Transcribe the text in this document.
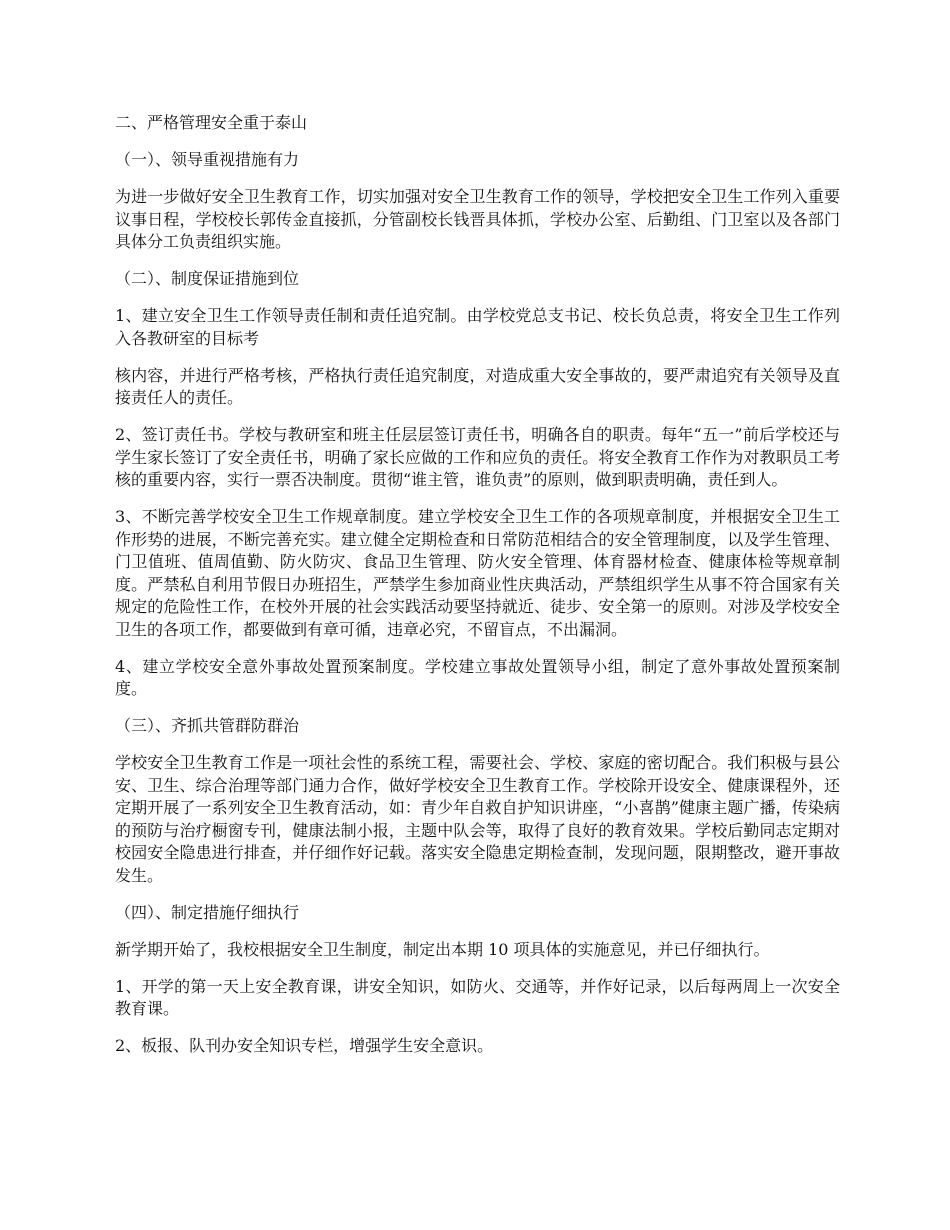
二、严格管理安全重于泰山

（一）、领导重视措施有力

为进一步做好安全卫生教育工作，切实加强对安全卫生教育工作的领导，学校把安全卫生工作列入重要议事日程，学校校长郭传金直接抓，分管副校长钱晋具体抓，学校办公室、后勤组、门卫室以及各部门具体分工负责组织实施。

（二）、制度保证措施到位

1、建立安全卫生工作领导责任制和责任追究制。由学校党总支书记、校长负总责，将安全卫生工作列入各教研室的目标考

核内容，并进行严格考核，严格执行责任追究制度，对造成重大安全事故的，要严肃追究有关领导及直接责任人的责任。

2、签订责任书。学校与教研室和班主任层层签订责任书，明确各自的职责。每年“五一”前后学校还与学生家长签订了安全责任书，明确了家长应做的工作和应负的责任。将安全教育工作作为对教职员工考核的重要内容，实行一票否决制度。贯彻“谁主管，谁负责”的原则，做到职责明确，责任到人。

3、不断完善学校安全卫生工作规章制度。建立学校安全卫生工作的各项规章制度，并根据安全卫生工作形势的进展，不断完善充实。建立健全定期检查和日常防范相结合的安全管理制度，以及学生管理、门卫值班、值周值勤、防火防灾、食品卫生管理、防火安全管理、体育器材检查、健康体检等规章制度。严禁私自利用节假日办班招生，严禁学生参加商业性庆典活动，严禁组织学生从事不符合国家有关规定的危险性工作，在校外开展的社会实践活动要坚持就近、徒步、安全第一的原则。对涉及学校安全卫生的各项工作，都要做到有章可循，违章必究，不留盲点，不出漏洞。

4、建立学校安全意外事故处置预案制度。学校建立事故处置领导小组，制定了意外事故处置预案制度。

（三）、齐抓共管群防群治

学校安全卫生教育工作是一项社会性的系统工程，需要社会、学校、家庭的密切配合。我们积极与县公安、卫生、综合治理等部门通力合作，做好学校安全卫生教育工作。学校除开设安全、健康课程外，还定期开展了一系列安全卫生教育活动，如：青少年自救自护知识讲座，“小喜鹊”健康主题广播，传染病的预防与治疗橱窗专刊，健康法制小报，主题中队会等，取得了良好的教育效果。学校后勤同志定期对校园安全隐患进行排查，并仔细作好记载。落实安全隐患定期检查制，发现问题，限期整改，避开事故发生。

（四）、制定措施仔细执行

新学期开始了，我校根据安全卫生制度，制定出本期 10 项具体的实施意见，并已仔细执行。

1、开学的第一天上安全教育课，讲安全知识，如防火、交通等，并作好记录，以后每两周上一次安全教育课。

2、板报、队刊办安全知识专栏，增强学生安全意识。
